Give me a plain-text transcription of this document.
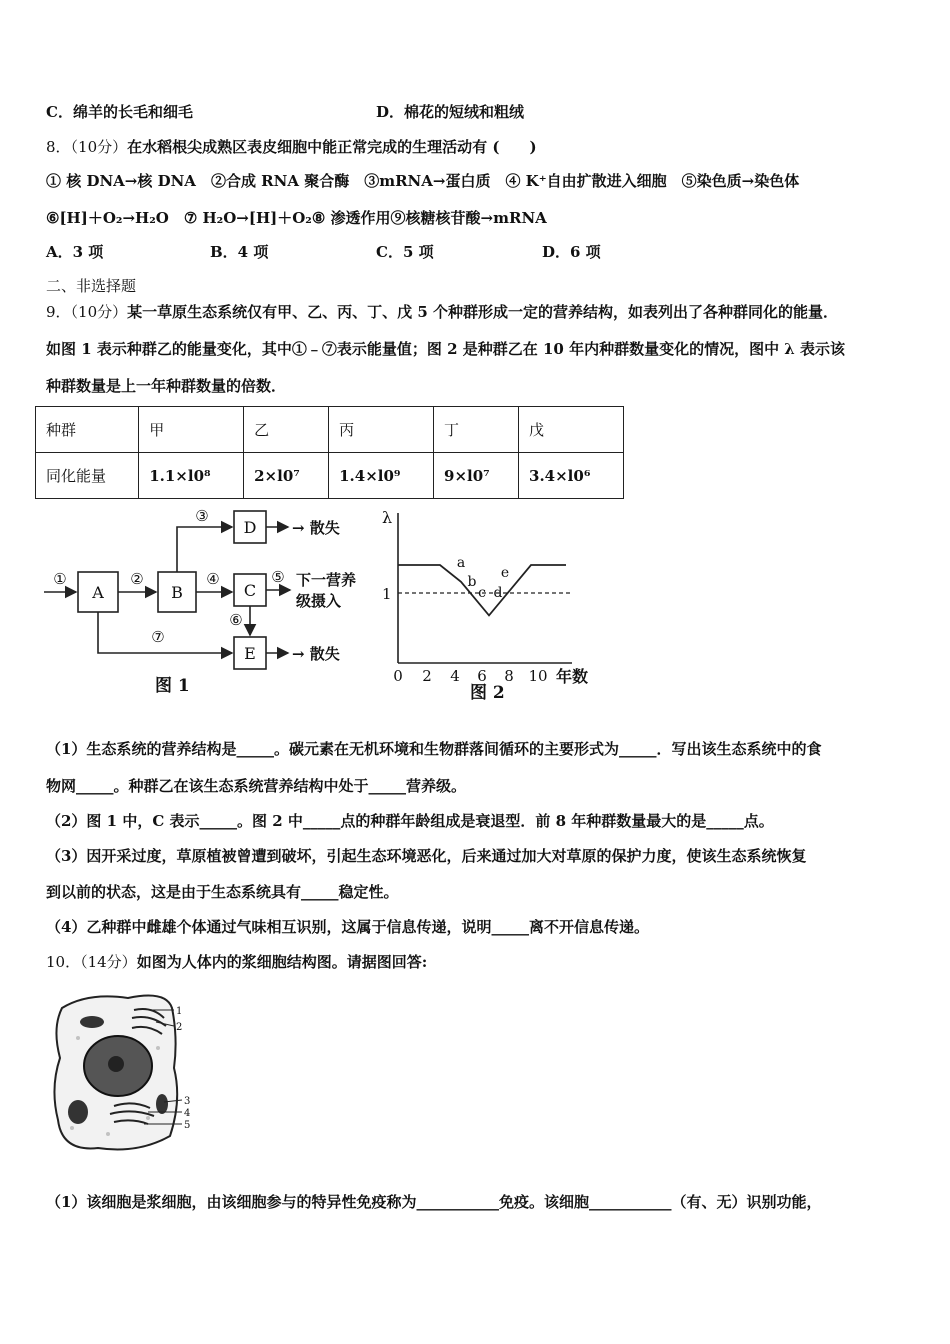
C．绵羊的长毛和细毛	D．棉花的短绒和粗绒
8．（10分）在水稻根尖成熟区表皮细胞中能正常完成的生理活动有 (　　)
① 核 DNA→核 DNA　②合成 RNA 聚合酶　③mRNA→蛋白质　④ K⁺自由扩散进入细胞　⑤染色质→染色体
⑥[H]＋O₂→H₂O　⑦ H₂O→[H]＋O₂⑧ 渗透作用⑨核糖核苷酸→mRNA
A．3 项	B．4 项	C．5 项	D．6 项
二、非选择题
9．（10分）某一草原生态系统仅有甲、乙、丙、丁、戊 5 个种群形成一定的营养结构，如表列出了各种群同化的能量．
如图 1 表示种群乙的能量变化，其中①﹣⑦表示能量值；图 2 是种群乙在 10 年内种群数量变化的情况，图中 λ 表示该
种群数量是上一年种群数量的倍数．
种群	甲	乙	丙	丁	戊
同化能量	1.1×l0⁸	2×l0⁷	1.4×l0⁹	9×l0⁷	3.4×l0⁶
A	B	C
D
E
①	②
③
④	⑤
⑥
⑦
→ 散失
下一营养
级摄入
→ 散失
图 1
λ
1
0 2 4 6 8 10 年数
a
b
c d
e
图 2
（1）生态系统的营养结构是_____。碳元素在无机环境和生物群落间循环的主要形式为_____．写出该生态系统中的食
物网_____。种群乙在该生态系统营养结构中处于_____营养级。
（2）图 1 中，C 表示_____。图 2 中_____点的种群年龄组成是衰退型．前 8 年种群数量最大的是_____点。
（3）因开采过度，草原植被曾遭到破坏，引起生态环境恶化，后来通过加大对草原的保护力度，使该生态系统恢复
到以前的状态，这是由于生态系统具有_____稳定性。
（4）乙种群中雌雄个体通过气味相互识别，这属于信息传递，说明_____离不开信息传递。
10．（14分）如图为人体内的浆细胞结构图。请据图回答:
1
2
3
4
5
（1）该细胞是浆细胞，由该细胞参与的特异性免疫称为___________免疫。该细胞___________（有、无）识别功能，
